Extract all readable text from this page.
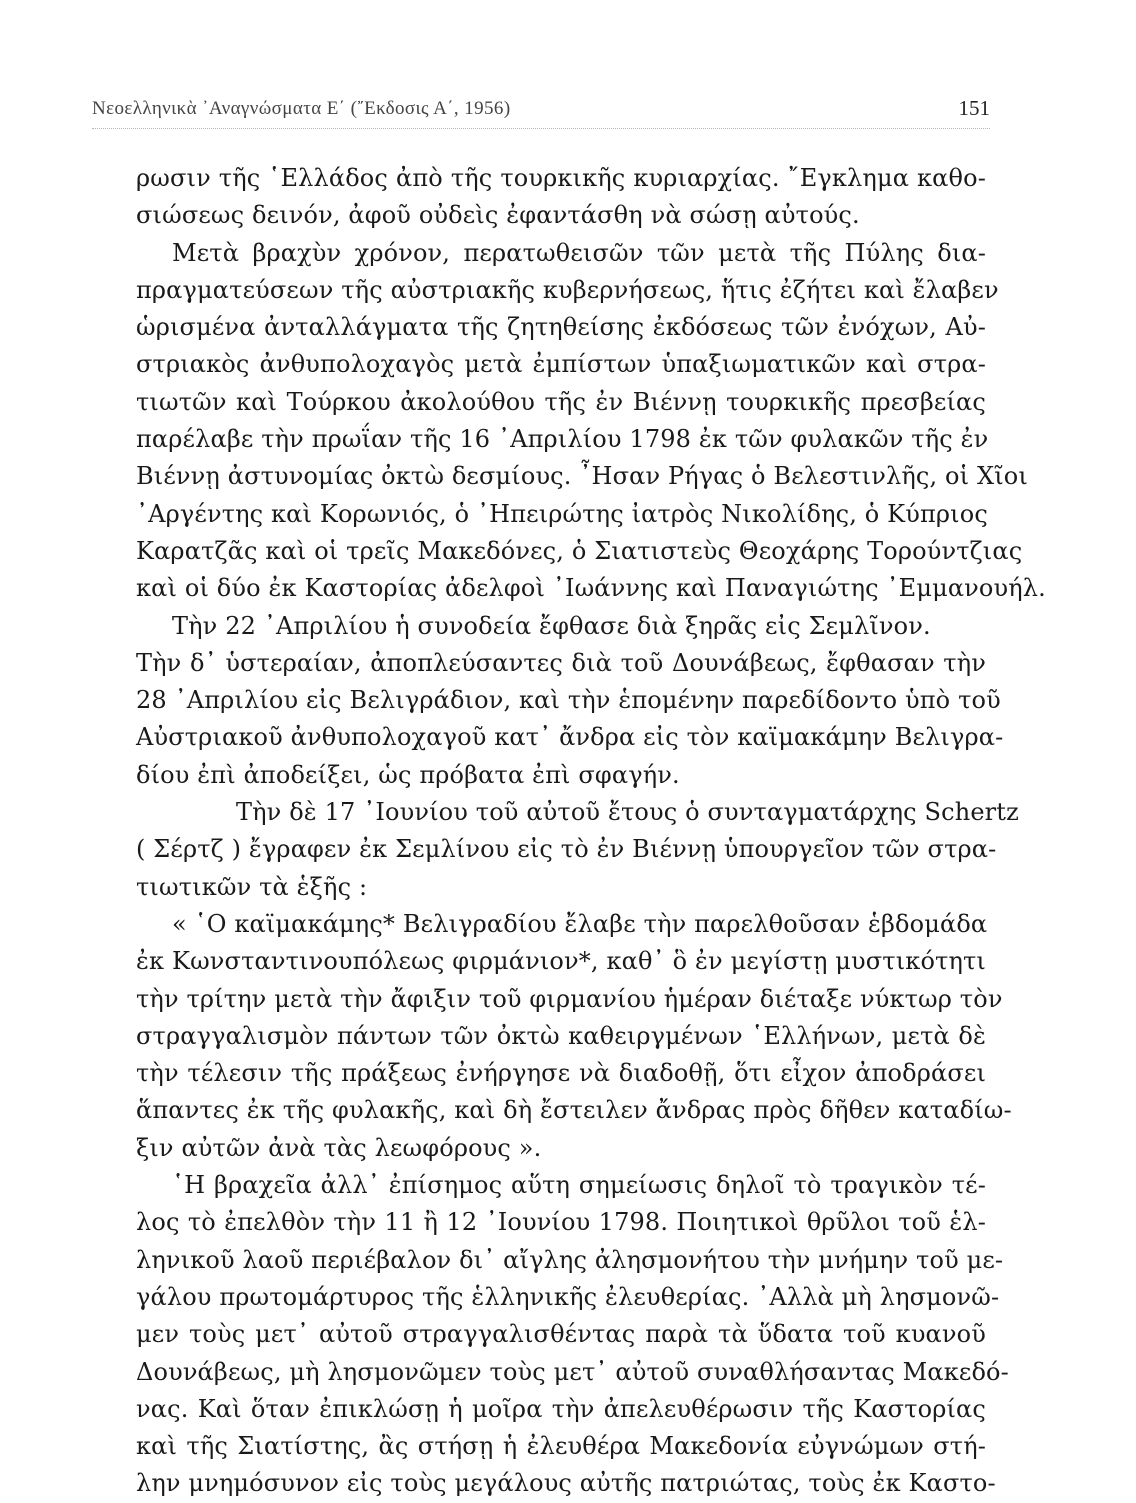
Νεοελληνικὰ ᾿Αναγνώσματα Ε΄ (῎Εκδοσις Α΄, 1956)	151
ρωσιν τῆς ῾Ελλάδος ἀπὸ τῆς τουρκικῆς κυριαρχίας. ῎Εγκλημα καθο-
σιώσεως δεινόν, ἀφοῦ οὐδεὶς ἐφαντάσθη νὰ σώσῃ αὐτούς.
Μετὰ βραχὺν χρόνον, περατωθεισῶν τῶν μετὰ τῆς Πύλης δια-
πραγματεύσεων τῆς αὐστριακῆς κυβερνήσεως, ἥτις ἐζήτει καὶ ἔλαβεν
ὡρισμένα ἀνταλλάγματα τῆς ζητηθείσης ἐκδόσεως τῶν ἐνόχων, Αὐ-
στριακὸς ἀνθυπολοχαγὸς μετὰ ἐμπίστων ὑπαξιωματικῶν καὶ στρα-
τιωτῶν καὶ Τούρκου ἀκολούθου τῆς ἐν Βιέννῃ τουρκικῆς πρεσβείας
παρέλαβε τὴν πρωΐαν τῆς 16 ᾿Απριλίου 1798 ἐκ τῶν φυλακῶν τῆς ἐν
Βιέννῃ ἀστυνομίας ὀκτὼ δεσμίους. ῏Ησαν Ρήγας ὁ Βελεστινλῆς, οἱ Χῖοι
᾿Αργέντης καὶ Κορωνιός, ὁ ᾿Ηπειρώτης ἰατρὸς Νικολίδης, ὁ Κύπριος
Καρατζᾶς καὶ οἱ τρεῖς Μακεδόνες, ὁ Σιατιστεὺς Θεοχάρης Τορούντζιας
καὶ οἱ δύο ἐκ Καστορίας ἀδελφοὶ ᾿Ιωάννης καὶ Παναγιώτης ᾿Εμμανουήλ.
Τὴν 22 ᾿Απριλίου ἡ συνοδεία ἔφθασε διὰ ξηρᾶς εἰς Σεμλῖνον.
Τὴν δ᾿ ὑστεραίαν, ἀποπλεύσαντες διὰ τοῦ Δουνάβεως, ἔφθασαν τὴν
28 ᾿Απριλίου εἰς Βελιγράδιον, καὶ τὴν ἑπομένην παρεδίδοντο ὑπὸ τοῦ
Αὐστριακοῦ ἀνθυπολοχαγοῦ κατ᾿ ἄνδρα εἰς τὸν καϊμακάμην Βελιγρα-
δίου ἐπὶ ἀποδείξει, ὡς πρόβατα ἐπὶ σφαγήν.
Τὴν δὲ 17 ᾿Ιουνίου τοῦ αὐτοῦ ἔτους ὁ συνταγματάρχης Schertz
( Σέρτζ ) ἔγραφεν ἐκ Σεμλίνου εἰς τὸ ἐν Βιέννῃ ὑπουργεῖον τῶν στρα-
τιωτικῶν τὰ ἑξῆς :
« ῾Ο καϊμακάμης* Βελιγραδίου ἔλαβε τὴν παρελθοῦσαν ἑβδομάδα
ἐκ Κωνσταντινουπόλεως φιρμάνιον*, καθ᾿ ὃ ἐν μεγίστῃ μυστικότητι
τὴν τρίτην μετὰ τὴν ἄφιξιν τοῦ φιρμανίου ἡμέραν διέταξε νύκτωρ τὸν
στραγγαλισμὸν πάντων τῶν ὀκτὼ καθειργμένων ῾Ελλήνων, μετὰ δὲ
τὴν τέλεσιν τῆς πράξεως ἐνήργησε νὰ διαδοθῇ, ὅτι εἶχον ἀποδράσει
ἅπαντες ἐκ τῆς φυλακῆς, καὶ δὴ ἔστειλεν ἄνδρας πρὸς δῆθεν καταδίω-
ξιν αὐτῶν ἀνὰ τὰς λεωφόρους ».
῾Η βραχεῖα ἀλλ᾿ ἐπίσημος αὕτη σημείωσις δηλοῖ τὸ τραγικὸν τέ-
λος τὸ ἐπελθὸν τὴν 11 ἢ 12 ᾿Ιουνίου 1798. Ποιητικοὶ θρῦλοι τοῦ ἑλ-
ληνικοῦ λαοῦ περιέβαλον δι᾿ αἴγλης ἀλησμονήτου τὴν μνήμην τοῦ με-
γάλου πρωτομάρτυρος τῆς ἑλληνικῆς ἐλευθερίας. ᾿Αλλὰ μὴ λησμονῶ-
μεν τοὺς μετ᾿ αὐτοῦ στραγγαλισθέντας παρὰ τὰ ὕδατα τοῦ κυανοῦ
Δουνάβεως, μὴ λησμονῶμεν τοὺς μετ᾿ αὐτοῦ συναθλήσαντας Μακεδό-
νας. Καὶ ὅταν ἐπικλώσῃ ἡ μοῖρα τὴν ἀπελευθέρωσιν τῆς Καστορίας
καὶ τῆς Σιατίστης, ἂς στήσῃ ἡ ἐλευθέρα Μακεδονία εὐγνώμων στή-
λην μνημόσυνον εἰς τοὺς μεγάλους αὐτῆς πατριώτας, τοὺς ἐκ Καστο-
